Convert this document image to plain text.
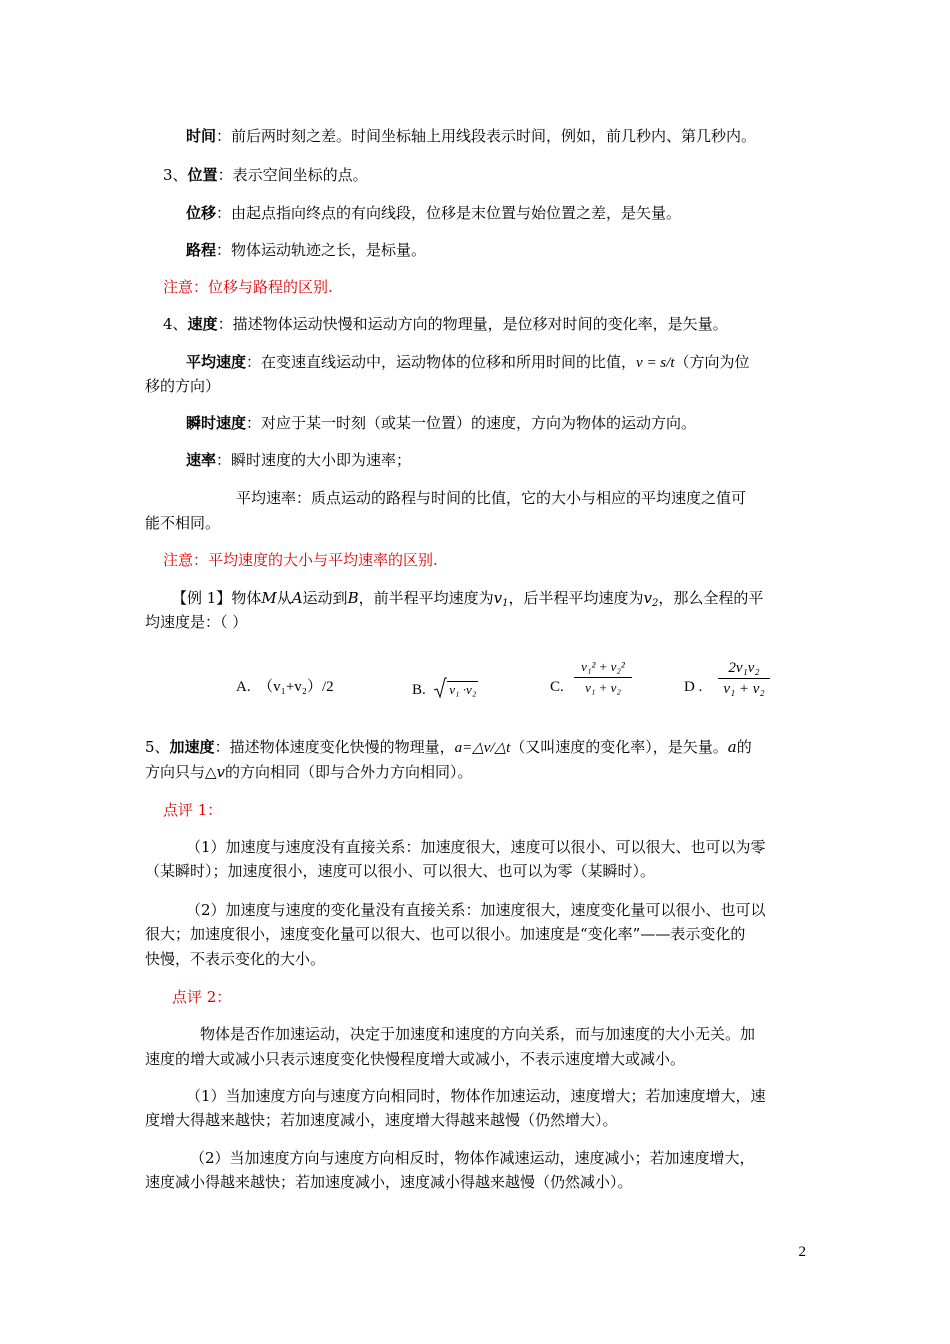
时间：前后两时刻之差。时间坐标轴上用线段表示时间，例如，前几秒内、第几秒内。
3、位置：表示空间坐标的点。
位移：由起点指向终点的有向线段，位移是末位置与始位置之差，是矢量。
路程：物体运动轨迹之长，是标量。
注意：位移与路程的区别.
4、速度：描述物体运动快慢和运动方向的物理量，是位移对时间的变化率，是矢量。
平均速度：在变速直线运动中，运动物体的位移和所用时间的比值，v = s/t（方向为位
移的方向）
瞬时速度：对应于某一时刻（或某一位置）的速度，方向为物体的运动方向。
速率：瞬时速度的大小即为速率；
平均速率：质点运动的路程与时间的比值，它的大小与相应的平均速度之值可
能不相同。
注意：平均速度的大小与平均速率的区别.
【例 1】物体M从A运动到B，前半程平均速度为$v_1$，后半程平均速度为$v_2$，那么全程的平
均速度是：（ ）
A. （v₁+v₂）/2	B. v₁ ·v₂	C.
v₁² + v₂²
v₁ + v₂	D .
2v₁v₂
v₁ + v₂
5、加速度：描述物体速度变化快慢的物理量，a=△v/△t（又叫速度的变化率），是矢量。a的
方向只与△v的方向相同（即与合外力方向相同）。
点评 1：
（1）加速度与速度没有直接关系：加速度很大，速度可以很小、可以很大、也可以为零
（某瞬时）；加速度很小，速度可以很小、可以很大、也可以为零（某瞬时）。
（2）加速度与速度的变化量没有直接关系：加速度很大，速度变化量可以很小、也可以
很大；加速度很小，速度变化量可以很大、也可以很小。加速度是“变化率”——表示变化的
快慢，不表示变化的大小。
点评 2：
物体是否作加速运动，决定于加速度和速度的方向关系，而与加速度的大小无关。加
速度的增大或减小只表示速度变化快慢程度增大或减小，不表示速度增大或减小。
（1）当加速度方向与速度方向相同时，物体作加速运动，速度增大；若加速度增大，速
度增大得越来越快；若加速度减小，速度增大得越来越慢（仍然增大）。
（2）当加速度方向与速度方向相反时，物体作减速运动，速度减小；若加速度增大，
速度减小得越来越快；若加速度减小，速度减小得越来越慢（仍然减小）。
2
